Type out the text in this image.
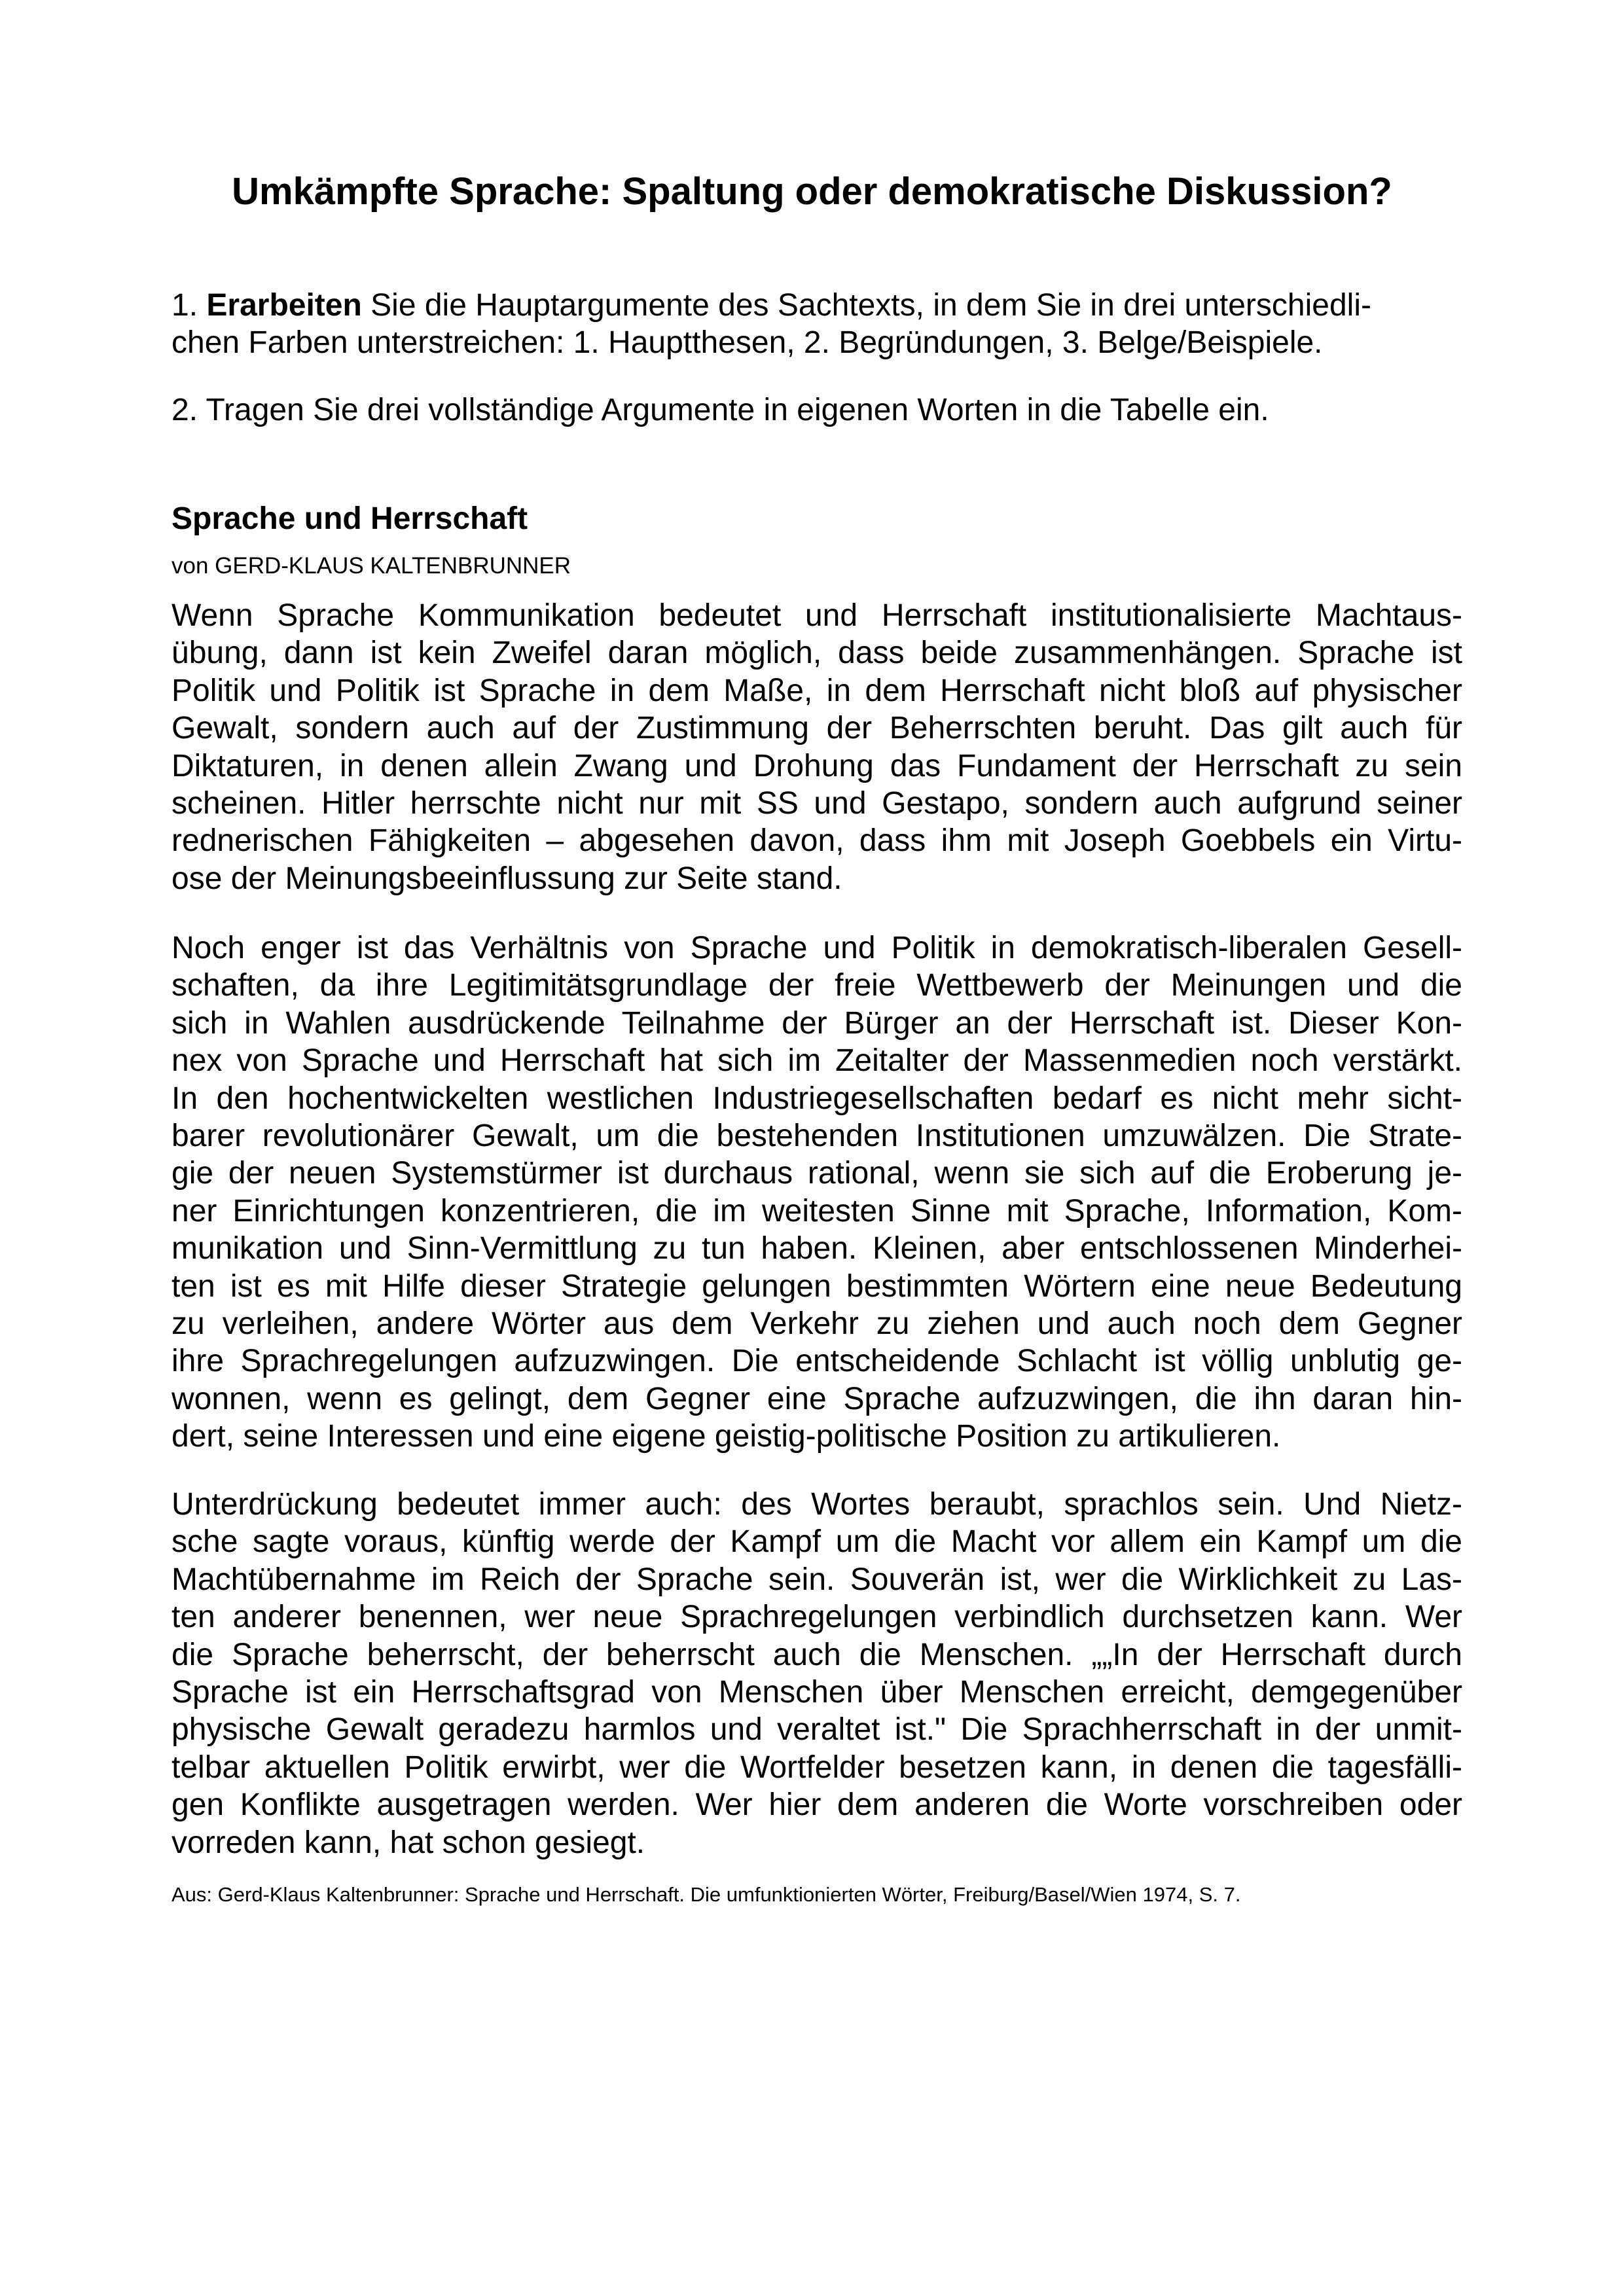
Umkämpfte Sprache: Spaltung oder demokratische Diskussion?

1. Erarbeiten Sie die Hauptargumente des Sachtexts, in dem Sie in drei unterschiedli-
chen Farben unterstreichen: 1. Hauptthesen, 2. Begründungen, 3. Belge/Beispiele.

2. Tragen Sie drei vollständige Argumente in eigenen Worten in die Tabelle ein.

Sprache und Herrschaft

von GERD-KLAUS KALTENBRUNNER

Wenn Sprache Kommunikation bedeutet und Herrschaft institutionalisierte Machtaus-
übung, dann ist kein Zweifel daran möglich, dass beide zusammenhängen. Sprache ist
Politik und Politik ist Sprache in dem Maße, in dem Herrschaft nicht bloß auf physischer
Gewalt, sondern auch auf der Zustimmung der Beherrschten beruht. Das gilt auch für
Diktaturen, in denen allein Zwang und Drohung das Fundament der Herrschaft zu sein
scheinen. Hitler herrschte nicht nur mit SS und Gestapo, sondern auch aufgrund seiner
rednerischen Fähigkeiten – abgesehen davon, dass ihm mit Joseph Goebbels ein Virtu-
ose der Meinungsbeeinflussung zur Seite stand.
Noch enger ist das Verhältnis von Sprache und Politik in demokratisch-liberalen Gesell-
schaften, da ihre Legitimitätsgrundlage der freie Wettbewerb der Meinungen und die
sich in Wahlen ausdrückende Teilnahme der Bürger an der Herrschaft ist. Dieser Kon-
nex von Sprache und Herrschaft hat sich im Zeitalter der Massenmedien noch verstärkt.
In den hochentwickelten westlichen Industriegesellschaften bedarf es nicht mehr sicht-
barer revolutionärer Gewalt, um die bestehenden Institutionen umzuwälzen. Die Strate-
gie der neuen Systemstürmer ist durchaus rational, wenn sie sich auf die Eroberung je-
ner Einrichtungen konzentrieren, die im weitesten Sinne mit Sprache, Information, Kom-
munikation und Sinn-Vermittlung zu tun haben. Kleinen, aber entschlossenen Minderhei-
ten ist es mit Hilfe dieser Strategie gelungen bestimmten Wörtern eine neue Bedeutung
zu verleihen, andere Wörter aus dem Verkehr zu ziehen und auch noch dem Gegner
ihre Sprachregelungen aufzuzwingen. Die entscheidende Schlacht ist völlig unblutig ge-
wonnen, wenn es gelingt, dem Gegner eine Sprache aufzuzwingen, die ihn daran hin-
dert, seine Interessen und eine eigene geistig-politische Position zu artikulieren.
Unterdrückung bedeutet immer auch: des Wortes beraubt, sprachlos sein. Und Nietz-
sche sagte voraus, künftig werde der Kampf um die Macht vor allem ein Kampf um die
Machtübernahme im Reich der Sprache sein. Souverän ist, wer die Wirklichkeit zu Las-
ten anderer benennen, wer neue Sprachregelungen verbindlich durchsetzen kann. Wer
die Sprache beherrscht, der beherrscht auch die Menschen. „„In der Herrschaft durch
Sprache ist ein Herrschaftsgrad von Menschen über Menschen erreicht, demgegenüber
physische Gewalt geradezu harmlos und veraltet ist." Die Sprachherrschaft in der unmit-
telbar aktuellen Politik erwirbt, wer die Wortfelder besetzen kann, in denen die tagesfälli-
gen Konflikte ausgetragen werden. Wer hier dem anderen die Worte vorschreiben oder
vorreden kann, hat schon gesiegt.

Aus: Gerd-Klaus Kaltenbrunner: Sprache und Herrschaft. Die umfunktionierten Wörter, Freiburg/Basel/Wien 1974, S. 7.
